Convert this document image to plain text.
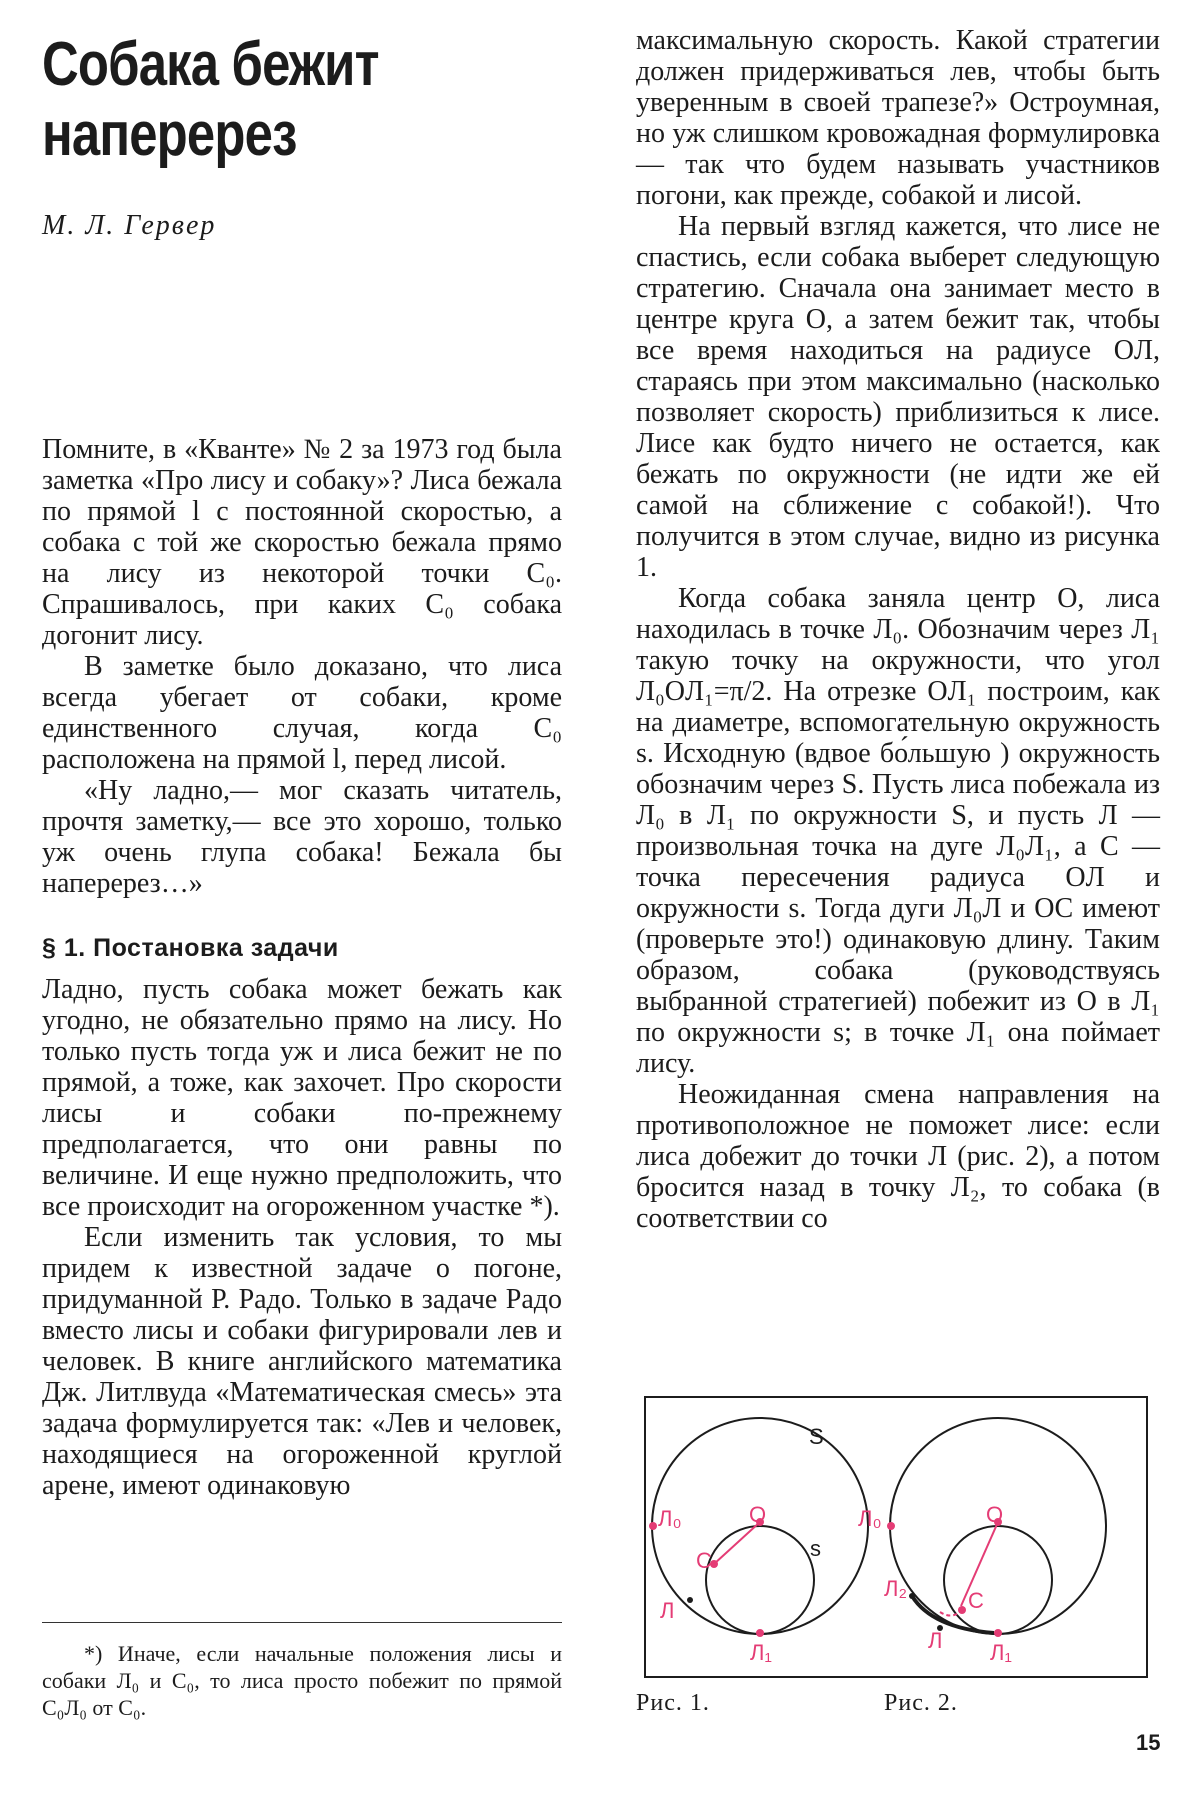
Собака бежит наперерез
М. Л. Гервер

Помните, в «Кванте» № 2 за 1973 год была заметка «Про лису и собаку»? Лиса бежала по прямой l с постоянной скоростью, а собака с той же скоростью бежала прямо на лису из некоторой точки C₀. Спрашивалось, при каких C₀ собака догонит лису.

В заметке было доказано, что лиса всегда убегает от собаки, кроме единственного случая, когда C₀ расположена на прямой l, перед лисой.

«Ну ладно,— мог сказать читатель, прочтя заметку,— все это хорошо, только уж очень глупа собака! Бежала бы наперерез…»

§ 1. Постановка задачи

Ладно, пусть собака может бежать как угодно, не обязательно прямо на лису. Но только пусть тогда уж и лиса бежит не по прямой, а тоже, как захочет. Про скорости лисы и собаки по-прежнему предполагается, что они равны по величине. И еще нужно предположить, что все происходит на огороженном участке *).

Если изменить так условия, то мы придем к известной задаче о погоне, придуманной Р. Радо. Только в задаче Радо вместо лисы и собаки фигурировали лев и человек. В книге английского математика Дж. Литлвуда «Математическая смесь» эта задача формулируется так: «Лев и человек, находящиеся на огороженной круглой арене, имеют одинаковую

*) Иначе, если начальные положения лисы и собаки Л₀ и C₀, то лиса просто побежит по прямой C₀Л₀ от C₀.

максимальную скорость. Какой стратегии должен придерживаться лев, чтобы быть уверенным в своей трапезе?» Остроумная, но уж слишком кровожадная формулировка — так что будем называть участников погони, как прежде, собакой и лисой.

На первый взгляд кажется, что лисе не спастись, если собака выберет следующую стратегию. Сначала она занимает место в центре круга O, а затем бежит так, чтобы все время находиться на радиусе OЛ, стараясь при этом максимально (насколько позволяет скорость) приблизиться к лисе. Лисе как будто ничего не остается, как бежать по окружности (не идти же ей самой на сближение с собакой!). Что получится в этом случае, видно из рисунка 1.

Когда собака заняла центр O, лиса находилась в точке Л₀. Обозначим через Л₁ такую точку на окружности, что угол Л₀OЛ₁=π/2. На отрезке OЛ₁ построим, как на диаметре, вспомогательную окружность s. Исходную (вдвое бо́льшую ) окружность обозначим через S. Пусть лиса побежала из Л₀ в Л₁ по окружности S, и пусть Л — произвольная точка на дуге Л₀Л₁, а C — точка пересечения радиуса OЛ и окружности s. Тогда дуги Л₀Л и OC имеют (проверьте это!) одинаковую длину. Таким образом, собака (руководствуясь выбранной стратегией) побежит из O в Л₁ по окружности s; в точке Л₁ она поймает лису.

Неожиданная смена направления на противоположное не поможет лисе: если лиса добежит до точки Л (рис. 2), а потом бросится назад в точку Л₂, то собака (в соответствии со

S
s
O
Л₀
C
Л
Л₁
O
Л₀
Л₂	C
Л Л₁
Рис. 1.	Рис. 2.
15
